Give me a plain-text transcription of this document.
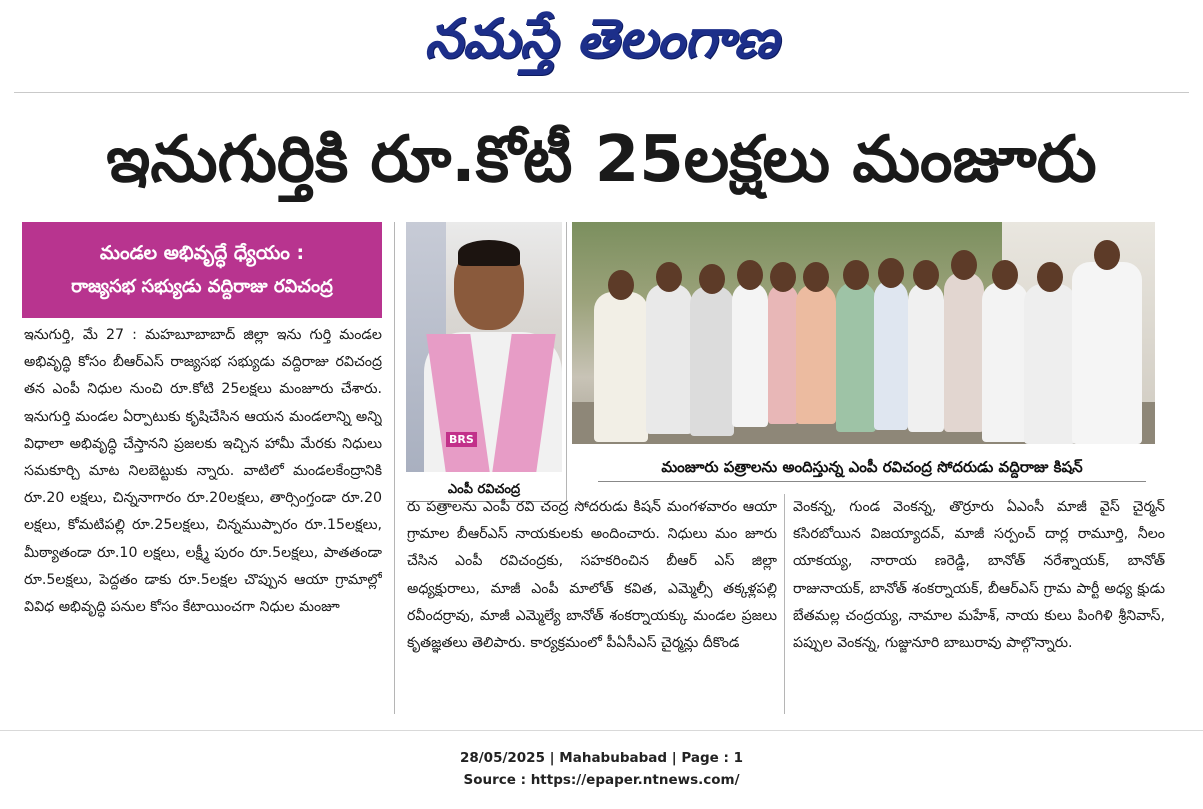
నమస్తే తెలంగాణ
ఇనుగుర్తికి రూ.కోటీ 25లక్షలు మంజూరు
మండల అభివృద్ధే ధ్యేయం :
రాజ్యసభ సభ్యుడు వద్దిరాజు రవిచంద్ర
BRS
ఎంపీ రవిచంద్ర
మంజూరు పత్రాలను అందిస్తున్న ఎంపీ రవిచంద్ర సోదరుడు వద్దిరాజు కిషన్

ఇనుగుర్తి, మే 27 : మహబూబాబాద్ జిల్లా ఇను గుర్తి మండల అభివృద్ధి కోసం బీఆర్ఎస్ రాజ్యసభ సభ్యుడు వద్దిరాజు రవిచంద్ర తన ఎంపీ నిధుల నుంచి రూ.కోటి 25లక్షలు మంజూరు చేశారు. ఇనుగుర్తి మండల ఏర్పాటుకు కృషిచేసిన ఆయన మండలాన్ని అన్ని విధాలా అభివృద్ధి చేస్తానని ప్రజలకు ఇచ్చిన హామీ మేరకు నిధులు సమకూర్చి మాట నిలబెట్టుకు న్నారు. వాటిలో మండలకేంద్రానికి రూ.20 లక్షలు, చిన్ననాగారం రూ.20లక్షలు, తార్సింగ్తండా రూ.20 లక్షలు, కోమటిపల్లి రూ.25లక్షలు, చిన్నముప్పారం రూ.15లక్షలు, మీఠ్యాతండా రూ.10 లక్షలు, లక్ష్మీ పురం రూ.5లక్షలు, పాతతండా రూ.5లక్షలు, పెద్దతం డాకు రూ.5లక్షల చొప్పున ఆయా గ్రామాల్లో వివిధ అభివృద్ధి పనుల కోసం కేటాయించగా నిధుల మంజూ

రు పత్రాలను ఎంపీ రవి చంద్ర సోదరుడు కిషన్ మంగళవారం ఆయా గ్రామాల బీఆర్ఎస్ నాయకులకు అందించారు. నిధులు మం జూరు చేసిన ఎంపీ రవిచంద్రకు, సహకరించిన బీఆర్ ఎస్ జిల్లా అధ్యక్షురాలు, మాజీ ఎంపీ మాలోత్ కవిత, ఎమ్మెల్సీ తక్కళ్లపల్లి రవీందర్రావు, మాజీ ఎమ్మెల్యే బానోత్ శంకర్నాయక్కు మండల ప్రజలు కృతజ్ఞతలు తెలిపారు. కార్యక్రమంలో పీఏసీఎస్ చైర్మన్లు దీకొండ

వెంకన్న, గుండ వెంకన్న, తొర్రూరు ఏఎంసీ మాజీ వైస్ చైర్మన్ కసిరబోయిన విజయ్యాదవ్, మాజీ సర్పంచ్ దార్ల రామూర్తి, నీలం యాకయ్య, నారాయ ణరెడ్డి, బానోత్ నరేశ్నాయక్, బానోత్ రాజునాయక్, బానోత్ శంకర్నాయక్, బీఆర్ఎస్ గ్రామ పార్టీ అధ్య క్షుడు బేతమల్ల చంద్రయ్య, నామాల మహేశ్, నాయ కులు పింగిళి శ్రీనివాస్, పప్పుల వెంకన్న, గుజ్జునూరి బాబురావు పాల్గొన్నారు.

28/05/2025 | Mahabubabad | Page : 1
Source : https://epaper.ntnews.com/
